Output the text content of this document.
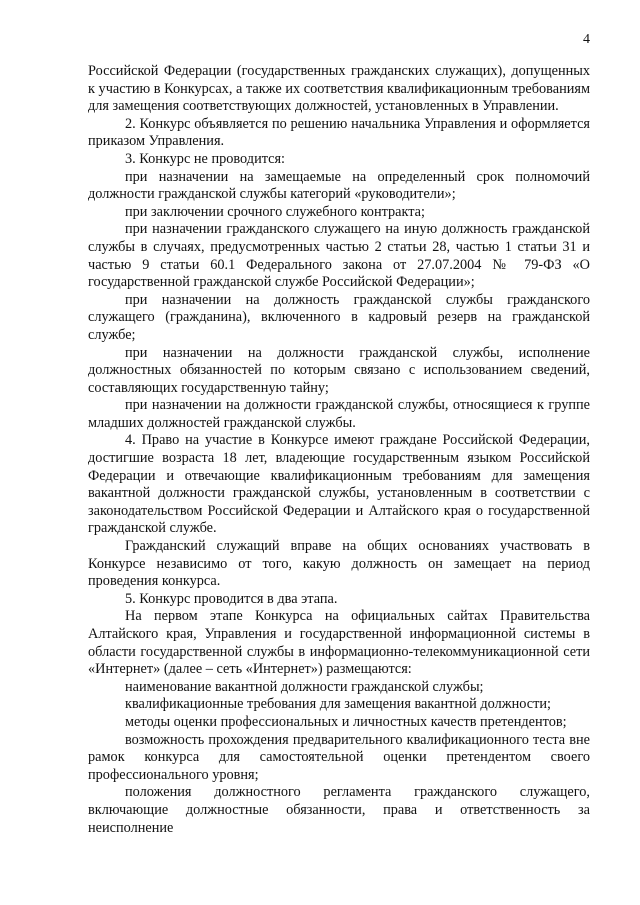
4

Российской Федерации (государственных гражданских служащих), допущенных к участию в Конкурсах, а также их соответствия квалификационным требованиям для замещения соответствующих должностей, установленных в Управлении.

2. Конкурс объявляется по решению начальника Управления и оформляется приказом Управления.

3. Конкурс не проводится:

при назначении на замещаемые на определенный срок полномочий должности гражданской службы категорий «руководители»;

при заключении срочного служебного контракта;

при назначении гражданского служащего на иную должность гражданской службы в случаях, предусмотренных частью 2 статьи 28, частью 1 статьи 31 и частью 9 статьи 60.1 Федерального закона от 27.07.2004 № 79-ФЗ «О государственной гражданской службе Российской Федерации»;

при назначении на должность гражданской службы гражданского служащего (гражданина), включенного в кадровый резерв на гражданской службе;

при назначении на должности гражданской службы, исполнение должностных обязанностей по которым связано с использованием сведений, составляющих государственную тайну;

при назначении на должности гражданской службы, относящиеся к группе младших должностей гражданской службы.

4. Право на участие в Конкурсе имеют граждане Российской Федерации, достигшие возраста 18 лет, владеющие государственным языком Российской Федерации и отвечающие квалификационным требованиям для замещения вакантной должности гражданской службы, установленным в соответствии с законодательством Российской Федерации и Алтайского края о государственной гражданской службе.

Гражданский служащий вправе на общих основаниях участвовать в Конкурсе независимо от того, какую должность он замещает на период проведения конкурса.

5. Конкурс проводится в два этапа.

На первом этапе Конкурса на официальных сайтах Правительства Алтайского края, Управления и государственной информационной системы в области государственной службы в информационно-телекоммуникационной сети «Интернет» (далее – сеть «Интернет») размещаются:

наименование вакантной должности гражданской службы;

квалификационные требования для замещения вакантной должности;

методы оценки профессиональных и личностных качеств претендентов;

возможность прохождения предварительного квалификационного теста вне рамок конкурса для самостоятельной оценки претендентом своего профессионального уровня;

положения должностного регламента гражданского служащего, включающие должностные обязанности, права и ответственность за неисполнение
